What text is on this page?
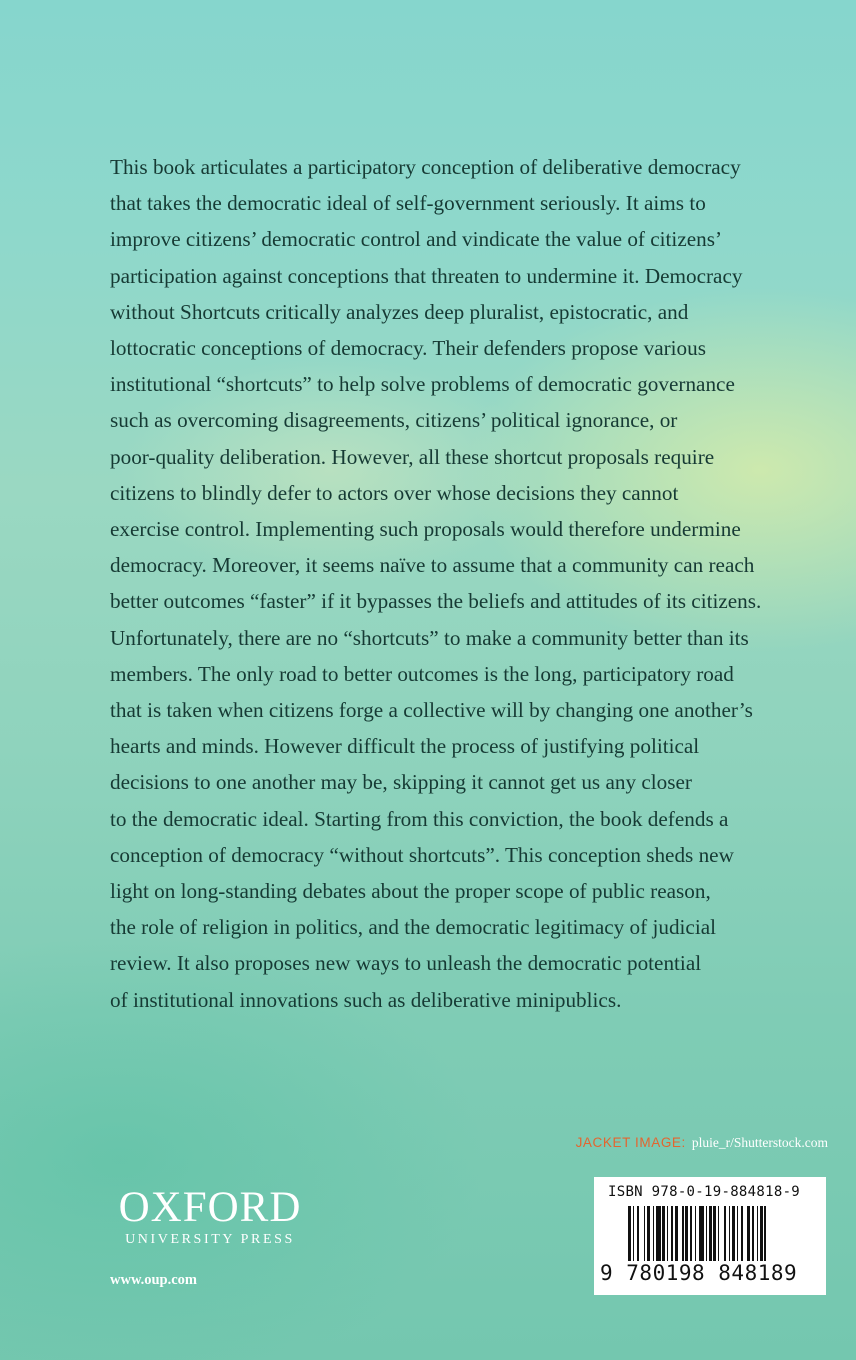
This book articulates a participatory conception of deliberative democracy
that takes the democratic ideal of self-government seriously. It aims to
improve citizens’ democratic control and vindicate the value of citizens’
participation against conceptions that threaten to undermine it. Democracy
without Shortcuts critically analyzes deep pluralist, epistocratic, and
lottocratic conceptions of democracy. Their defenders propose various
institutional “shortcuts” to help solve problems of democratic governance
such as overcoming disagreements, citizens’ political ignorance, or
poor-quality deliberation. However, all these shortcut proposals require
citizens to blindly defer to actors over whose decisions they cannot
exercise control. Implementing such proposals would therefore undermine
democracy. Moreover, it seems naïve to assume that a community can reach
better outcomes “faster” if it bypasses the beliefs and attitudes of its citizens.
Unfortunately, there are no “shortcuts” to make a community better than its
members. The only road to better outcomes is the long, participatory road
that is taken when citizens forge a collective will by changing one another’s
hearts and minds. However difficult the process of justifying political
decisions to one another may be, skipping it cannot get us any closer
to the democratic ideal. Starting from this conviction, the book defends a
conception of democracy “without shortcuts”. This conception sheds new
light on long-standing debates about the proper scope of public reason,
the role of religion in politics, and the democratic legitimacy of judicial
review. It also proposes new ways to unleash the democratic potential
of institutional innovations such as deliberative minipublics.
JACKET IMAGE: pluie_r/Shutterstock.com
OXFORD
UNIVERSITY PRESS
www.oup.com
ISBN 978-0-19-884818-9
9 780198 848189
